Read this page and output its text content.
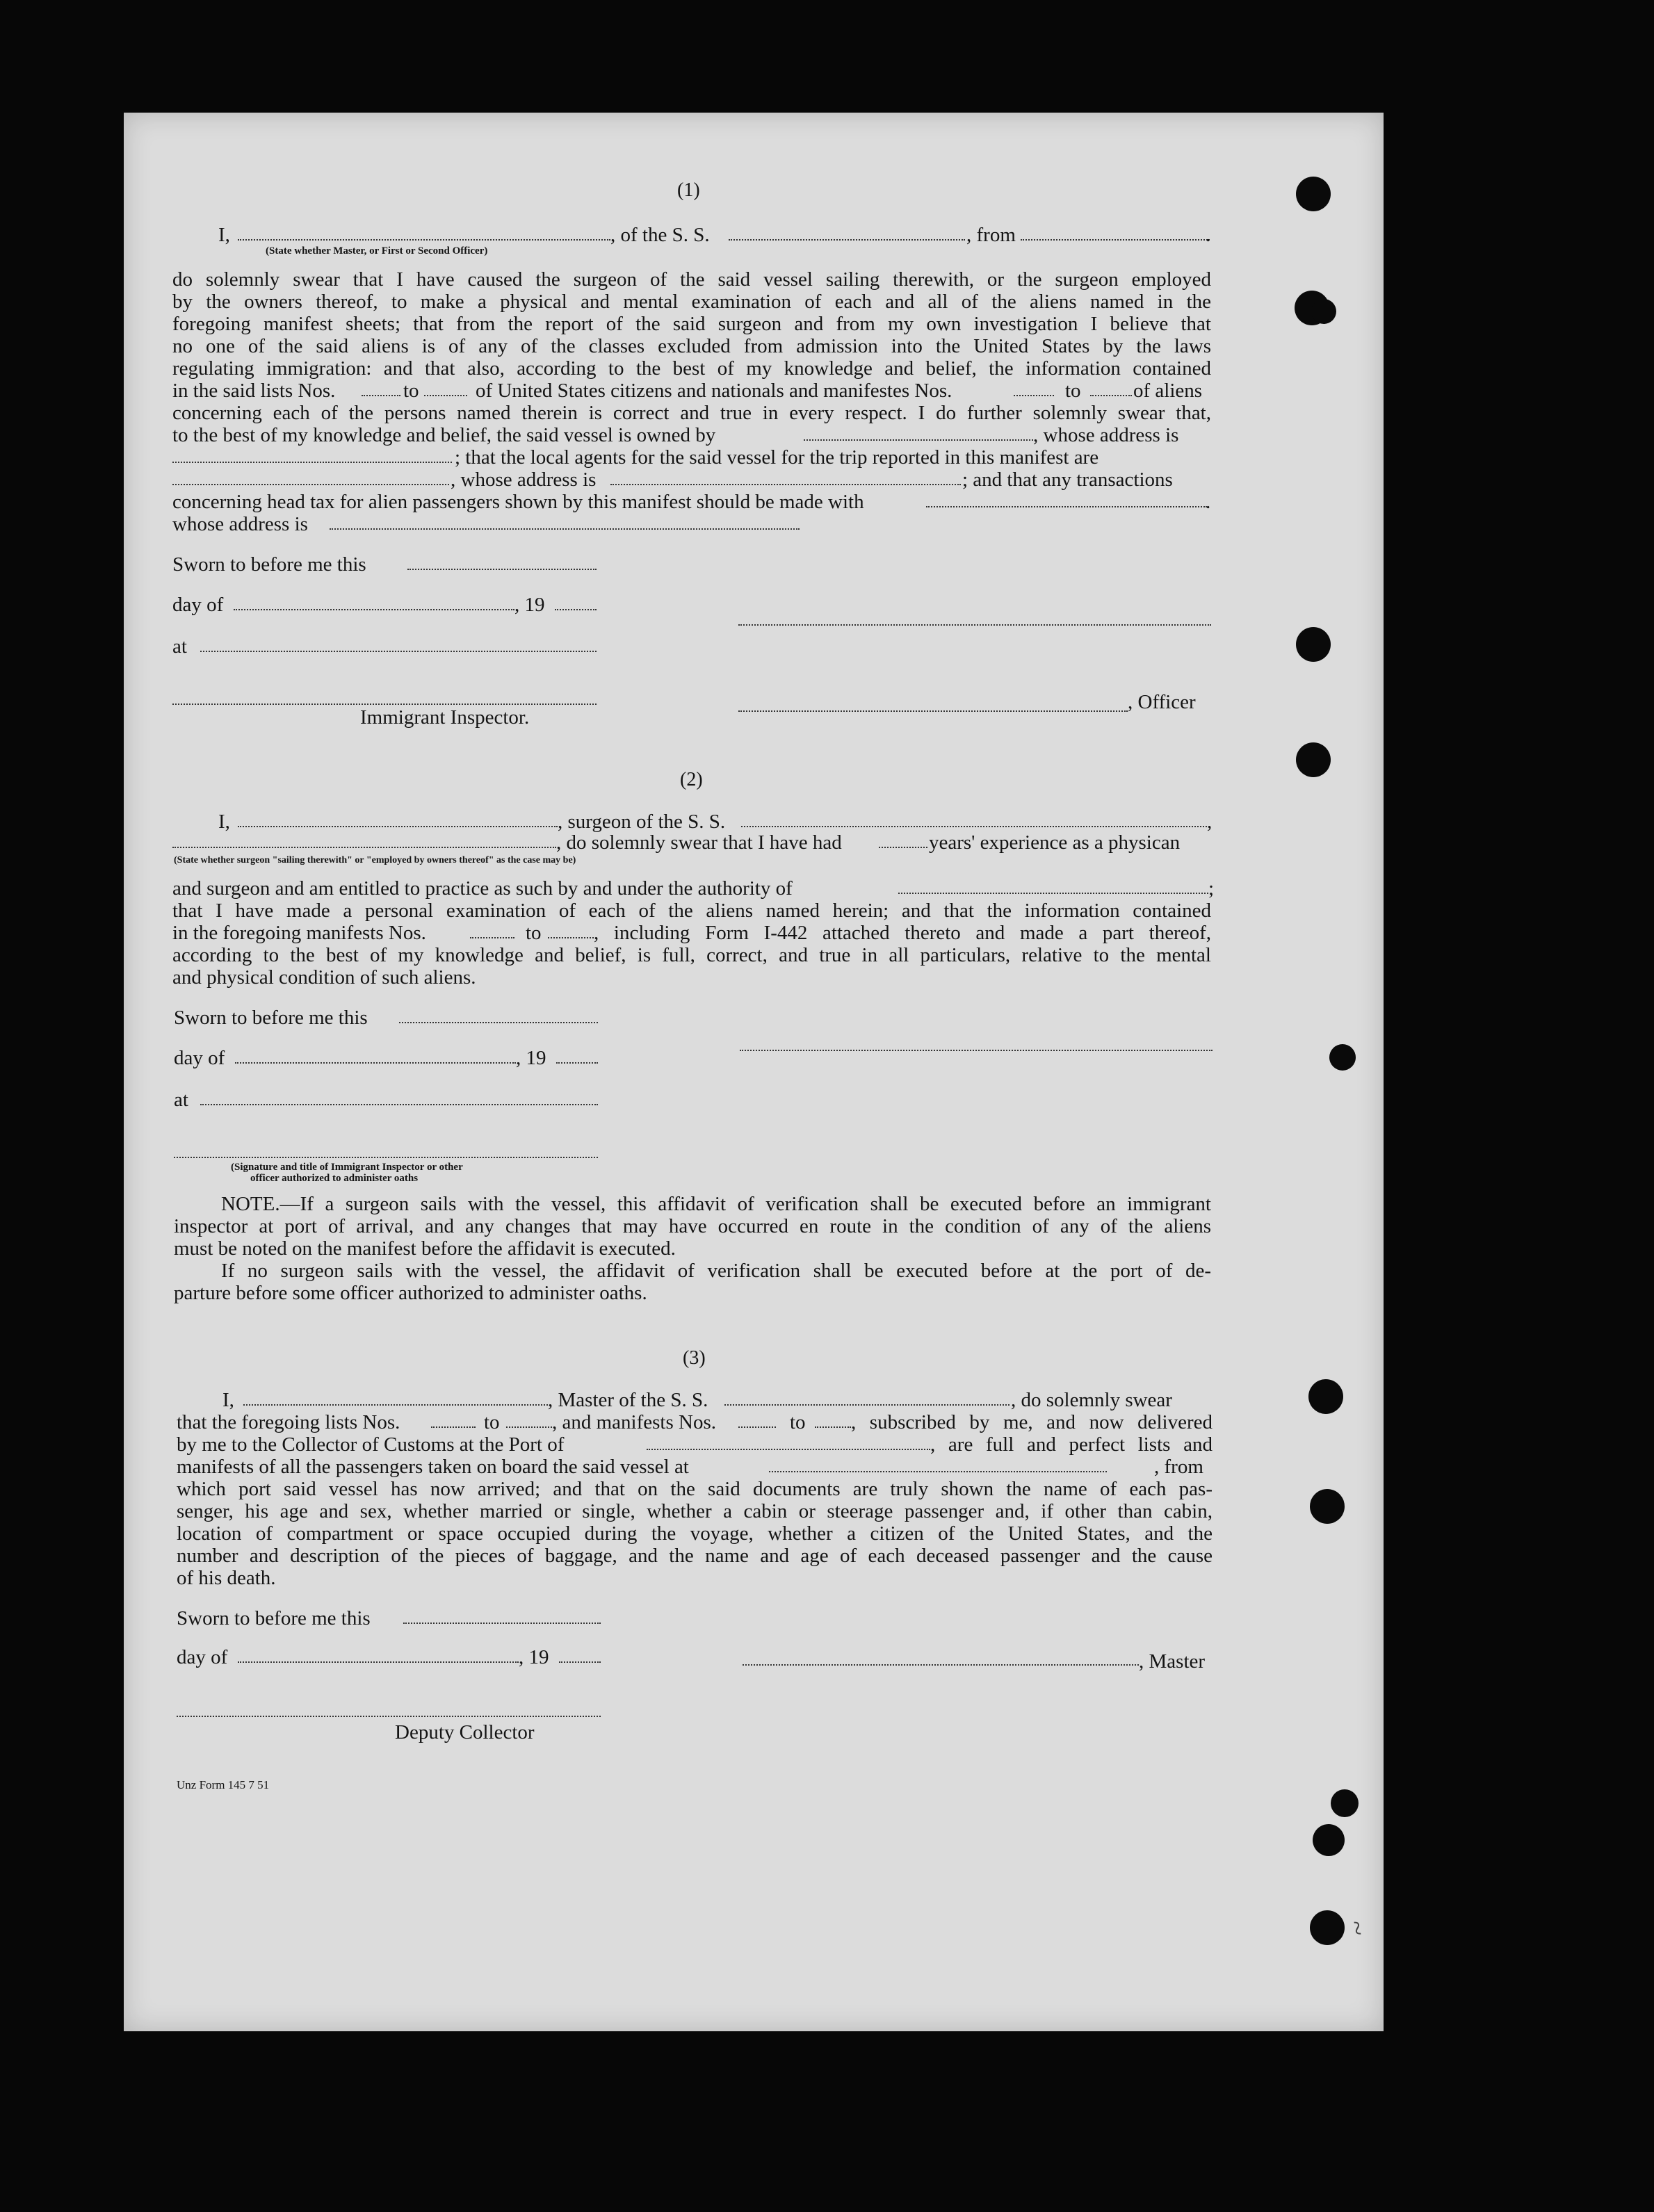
~
(1)
I,	, of the S. S.	, from	.
(State whether Master, or First or Second Officer)
do solemnly swear that I have caused the surgeon of the said vessel sailing therewith, or the surgeon employed
by the owners thereof, to make a physical and mental examination of each and all of the aliens named in the
foregoing manifest sheets; that from the report of the said surgeon and from my own investigation I believe that
no one of the said aliens is of any of the classes excluded from admission into the United States by the laws
regulating immigration: and that also, according to the best of my knowledge and belief, the information contained
in the said lists Nos.	to	of United States citizens and nationals and manifestes Nos.	to	of aliens
concerning each of the persons named therein is correct and true in every respect. I do further solemnly swear that,
to the best of my knowledge and belief, the said vessel is owned by	, whose address is
; that the local agents for the said vessel for the trip reported in this manifest are
, whose address is	; and that any transactions
concerning head tax for alien passengers shown by this manifest should be made with	.
whose address is
Sworn to before me this
day of	, 19
at
, Officer
Immigrant Inspector.
(2)
I,	, surgeon of the S. S.	,
, do solemnly swear that I have had	years' experience as a physican
(State whether surgeon "sailing therewith" or "employed by owners thereof" as the case may be)
and surgeon and am entitled to practice as such by and under the authority of	;
that I have made a personal examination of each of the aliens named herein; and that the information contained
in the foregoing manifests Nos.	to	, including Form I-442 attached thereto and made a part thereof,
according to the best of my knowledge and belief, is full, correct, and true in all particulars, relative to the mental
and physical condition of such aliens.
Sworn to before me this
day of	, 19
at
(Signature and title of Immigrant Inspector or other
officer authorized to administer oaths
NOTE.—If a surgeon sails with the vessel, this affidavit of verification shall be executed before an immigrant
inspector at port of arrival, and any changes that may have occurred en route in the condition of any of the aliens
must be noted on the manifest before the affidavit is executed.
If no surgeon sails with the vessel, the affidavit of verification shall be executed before at the port of de-
parture before some officer authorized to administer oaths.
(3)
I,	, Master of the S. S.	, do solemnly swear
that the foregoing lists Nos.	to	, and manifests Nos.	to , subscribed by me, and now delivered
by me to the Collector of Customs at the Port of	, are full and perfect lists and
manifests of all the passengers taken on board the said vessel at	, from
which port said vessel has now arrived; and that on the said documents are truly shown the name of each pas-
senger, his age and sex, whether married or single, whether a cabin or steerage passenger and, if other than cabin,
location of compartment or space occupied during the voyage, whether a citizen of the United States, and the
number and description of the pieces of baggage, and the name and age of each deceased passenger and the cause
of his death.
Sworn to before me this
day of	, 19	, Master
Deputy Collector
Unz Form 145 7 51
